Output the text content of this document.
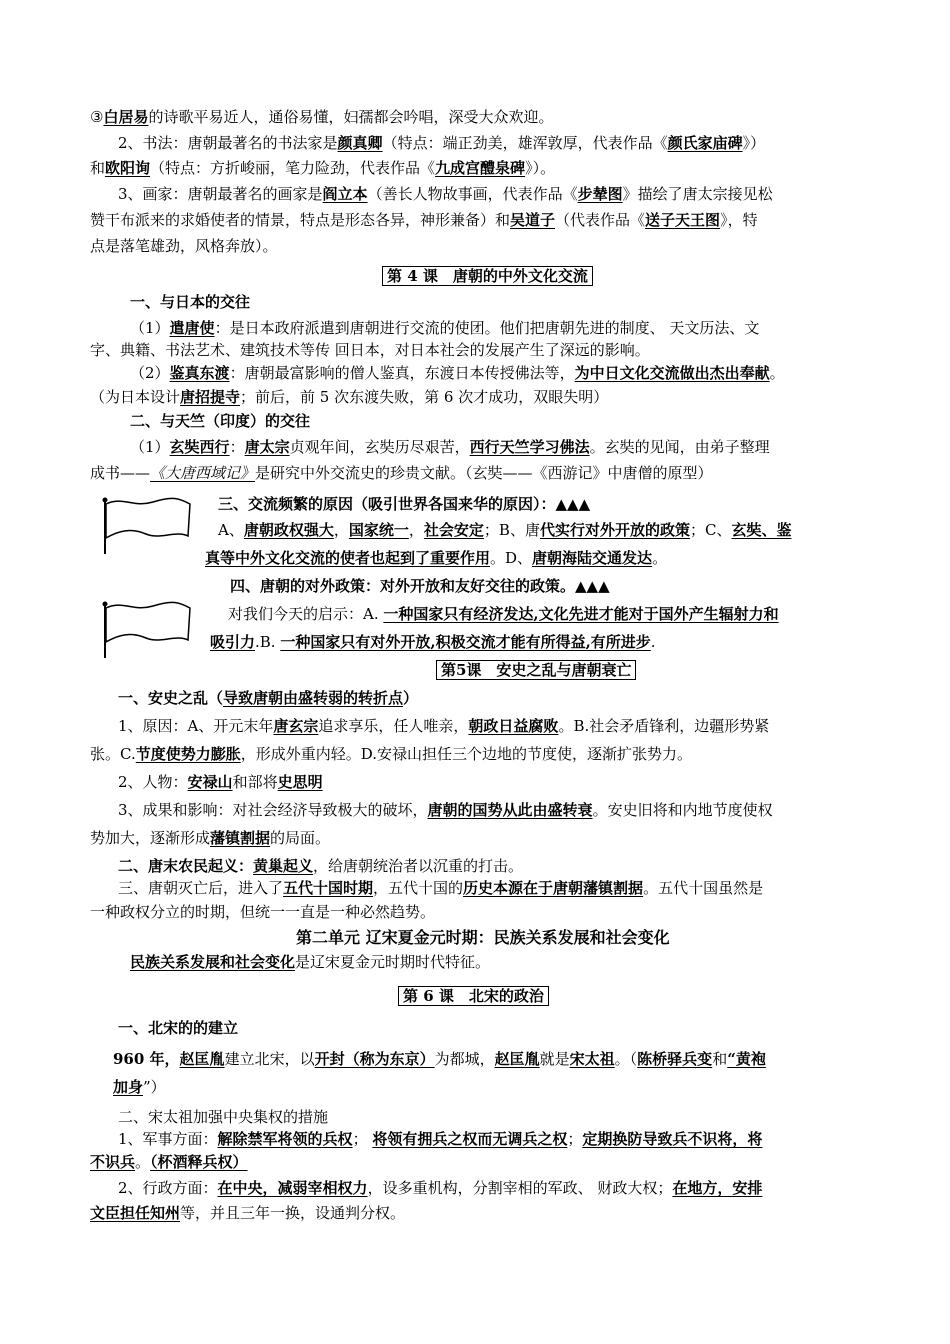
③白居易的诗歌平易近人，通俗易懂，妇孺都会吟唱，深受大众欢迎。
2、书法：唐朝最著名的书法家是颜真卿（特点：端正劲美，雄浑敦厚，代表作品《颜氏家庙碑》）
和欧阳询（特点：方折峻丽，笔力险劲，代表作品《九成宫醴泉碑》）。
3、画家：唐朝最著名的画家是阎立本（善长人物故事画，代表作品《步辇图》描绘了唐太宗接见松
赞干布派来的求婚使者的情景，特点是形态各异，神形兼备）和吴道子（代表作品《送子天王图》，特
点是落笔雄劲，风格奔放）。
第 4 课　唐朝的中外文化交流
一、与日本的交往
（1）遣唐使：是日本政府派遣到唐朝进行交流的使团。他们把唐朝先进的制度、 天文历法、文
字、典籍、书法艺术、建筑技术等传 回日本，对日本社会的发展产生了深远的影响。
（2）鉴真东渡：唐朝最富影响的僧人鉴真，东渡日本传授佛法等，为中日文化交流做出杰出奉献。
（为日本设计唐招提寺；前后，前 5 次东渡失败，第 6 次才成功，双眼失明）
二、与天竺（印度）的交往
（1）玄奘西行：唐太宗贞观年间，玄奘历尽艰苦，西行天竺学习佛法。玄奘的见闻，由弟子整理
成书——《大唐西域记》是研究中外交流史的珍贵文献。（玄奘——《西游记》中唐僧的原型）
三、交流频繁的原因（吸引世界各国来华的原因）：▲▲▲
A、唐朝政权强大，国家统一，社会安定；B、唐代实行对外开放的政策；C、玄奘、鉴
真等中外文化交流的使者也起到了重要作用。D、唐朝海陆交通发达。
四、唐朝的对外政策：对外开放和友好交往的政策。▲▲▲
对我们今天的启示：A. 一种国家只有经济发达,文化先进才能对于国外产生辐射力和
吸引力.B. 一种国家只有对外开放,积极交流才能有所得益,有所进步.
第5课　安史之乱与唐朝衰亡
一、安史之乱（导致唐朝由盛转弱的转折点）
1、原因：A、开元末年唐玄宗追求享乐，任人唯亲，朝政日益腐败。B.社会矛盾锋利，边疆形势紧
张。C.节度使势力膨胀，形成外重内轻。D.安禄山担任三个边地的节度使，逐渐扩张势力。
2、人物：安禄山和部将史思明
3、成果和影响：对社会经济导致极大的破坏，唐朝的国势从此由盛转衰。安史旧将和内地节度使权
势加大，逐渐形成藩镇割据的局面。
二、唐末农民起义：黄巢起义，给唐朝统治者以沉重的打击。
三、唐朝灭亡后，进入了五代十国时期，五代十国的历史本源在于唐朝藩镇割据。五代十国虽然是
一种政权分立的时期，但统一一直是一种必然趋势。
第二单元 辽宋夏金元时期：民族关系发展和社会变化
民族关系发展和社会变化是辽宋夏金元时期时代特征。
第 6 课　北宋的政治
一、北宋的的建立
960 年，赵匡胤建立北宋，以开封（称为东京）为都城，赵匡胤就是宋太祖。（陈桥驿兵变和“黄袍
加身”）
二、宋太祖加强中央集权的措施
1、军事方面：解除禁军将领的兵权； 将领有拥兵之权而无调兵之权；定期换防导致兵不识将，将
不识兵。（杯酒释兵权）
2、行政方面：在中央，减弱宰相权力，设多重机构，分割宰相的军政、 财政大权；在地方，安排
文臣担任知州等，并且三年一换，设通判分权。
